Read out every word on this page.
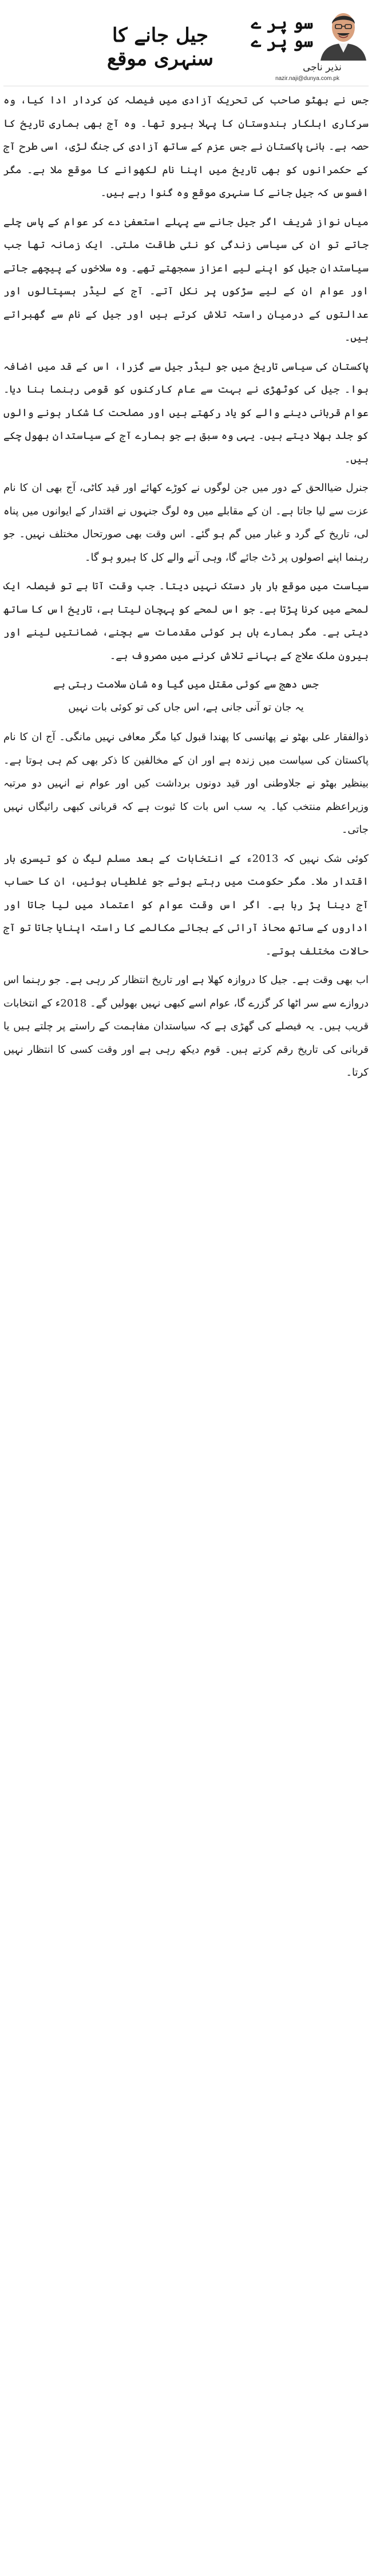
جیل جانے کا سنہری موقع
سو پر ے
سو پر ے
نذیر ناجی
nazir.naji@dunya.com.pk

جس نے بھٹو صاحب کی تحریک آزادی میں فیصلہ کن کردار ادا کیا، وہ سرکاری اہلکار ہندوستان کا پہلا ہیرو تھا۔ وہ آج بھی ہماری تاریخ کا حصہ ہے۔ بانیٔ پاکستان نے جس عزم کے ساتھ آزادی کی جنگ لڑی، اسی طرح آج کے حکمرانوں کو بھی تاریخ میں اپنا نام لکھوانے کا موقع ملا ہے۔ مگر افسوس کہ جیل جانے کا سنہری موقع وہ گنوا رہے ہیں۔

میاں نواز شریف اگر جیل جانے سے پہلے استعفیٰ دے کر عوام کے پاس چلے جاتے تو ان کی سیاسی زندگی کو نئی طاقت ملتی۔ ایک زمانہ تھا جب سیاستدان جیل کو اپنے لیے اعزاز سمجھتے تھے۔ وہ سلاخوں کے پیچھے جاتے اور عوام ان کے لیے سڑکوں پر نکل آتے۔ آج کے لیڈر ہسپتالوں اور عدالتوں کے درمیان راستہ تلاش کرتے ہیں اور جیل کے نام سے گھبراتے ہیں۔

پاکستان کی سیاسی تاریخ میں جو لیڈر جیل سے گزرا، اس کے قد میں اضافہ ہوا۔ جیل کی کوٹھڑی نے بہت سے عام کارکنوں کو قومی رہنما بنا دیا۔ عوام قربانی دینے والے کو یاد رکھتے ہیں اور مصلحت کا شکار ہونے والوں کو جلد بھلا دیتے ہیں۔ یہی وہ سبق ہے جو ہمارے آج کے سیاستدان بھول چکے ہیں۔

جنرل ضیاالحق کے دور میں جن لوگوں نے کوڑے کھائے اور قید کاٹی، آج بھی ان کا نام عزت سے لیا جاتا ہے۔ ان کے مقابلے میں وہ لوگ جنہوں نے اقتدار کے ایوانوں میں پناہ لی، تاریخ کے گرد و غبار میں گم ہو گئے۔ اس وقت بھی صورتحال مختلف نہیں۔ جو رہنما اپنے اصولوں پر ڈٹ جائے گا، وہی آنے والے کل کا ہیرو ہو گا۔

سیاست میں موقع بار بار دستک نہیں دیتا۔ جب وقت آتا ہے تو فیصلہ ایک لمحے میں کرنا پڑتا ہے۔ جو اس لمحے کو پہچان لیتا ہے، تاریخ اس کا ساتھ دیتی ہے۔ مگر ہمارے ہاں ہر کوئی مقدمات سے بچنے، ضمانتیں لینے اور بیرون ملک علاج کے بہانے تلاش کرنے میں مصروف ہے۔

جس دھج سے کوئی مقتل میں گیا وہ شان سلامت رہتی ہے
یہ جان تو آنی جانی ہے، اس جاں کی تو کوئی بات نہیں

ذوالفقار علی بھٹو نے پھانسی کا پھندا قبول کیا مگر معافی نہیں مانگی۔ آج ان کا نام پاکستان کی سیاست میں زندہ ہے اور ان کے مخالفین کا ذکر بھی کم ہی ہوتا ہے۔ بینظیر بھٹو نے جلاوطنی اور قید دونوں برداشت کیں اور عوام نے انہیں دو مرتبہ وزیراعظم منتخب کیا۔ یہ سب اس بات کا ثبوت ہے کہ قربانی کبھی رائیگاں نہیں جاتی۔

کوئی شک نہیں کہ 2013ء کے انتخابات کے بعد مسلم لیگ ن کو تیسری بار اقتدار ملا۔ مگر حکومت میں رہتے ہوئے جو غلطیاں ہوئیں، ان کا حساب آج دینا پڑ رہا ہے۔ اگر اس وقت عوام کو اعتماد میں لیا جاتا اور اداروں کے ساتھ محاذ آرائی کے بجائے مکالمے کا راستہ اپنایا جاتا تو آج حالات مختلف ہوتے۔

اب بھی وقت ہے۔ جیل کا دروازہ کھلا ہے اور تاریخ انتظار کر رہی ہے۔ جو رہنما اس دروازے سے سر اٹھا کر گزرے گا، عوام اسے کبھی نہیں بھولیں گے۔ 2018ء کے انتخابات قریب ہیں۔ یہ فیصلے کی گھڑی ہے کہ سیاستدان مفاہمت کے راستے پر چلتے ہیں یا قربانی کی تاریخ رقم کرتے ہیں۔ قوم دیکھ رہی ہے اور وقت کسی کا انتظار نہیں کرتا۔
